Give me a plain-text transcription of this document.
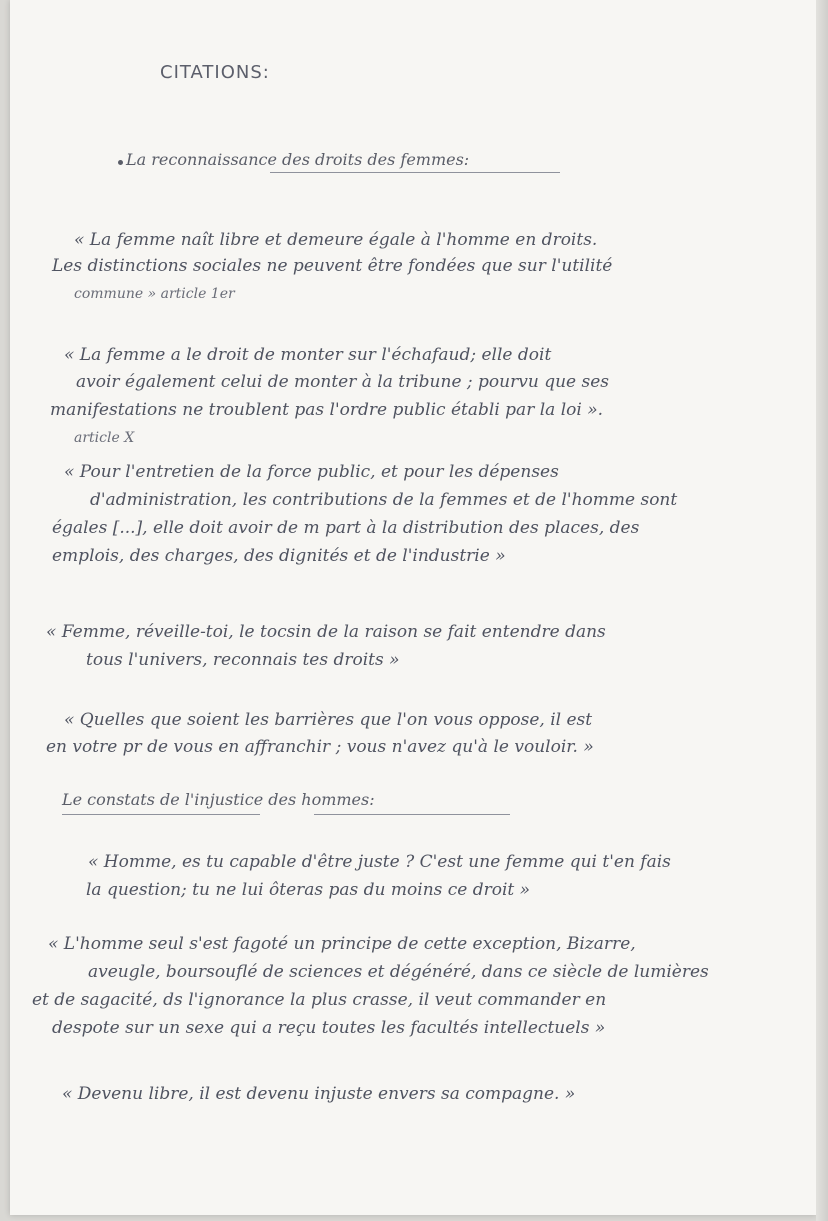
CITATIONS:
La reconnaissance des droits des femmes:
« La femme naît libre et demeure égale à l'homme en droits.
Les distinctions sociales ne peuvent être fondées que sur l'utilité
commune » article 1er
« La femme a le droit de monter sur l'échafaud; elle doit
avoir également celui de monter à la tribune ; pourvu que ses
manifestations ne troublent pas l'ordre public établi par la loi ».
article X
« Pour l'entretien de la force public, et pour les dépenses
d'administration, les contributions de la femmes et de l'homme sont
égales [...], elle doit avoir de m part à la distribution des places, des
emplois, des charges, des dignités et de l'industrie »
« Femme, réveille-toi, le tocsin de la raison se fait entendre dans
tous l'univers, reconnais tes droits »
« Quelles que soient les barrières que l'on vous oppose, il est
en votre pr de vous en affranchir ; vous n'avez qu'à le vouloir. »
Le constats de l'injustice des hommes:
« Homme, es tu capable d'être juste ? C'est une femme qui t'en fais
la question; tu ne lui ôteras pas du moins ce droit »
« L'homme seul s'est fagoté un principe de cette exception, Bizarre,
aveugle, boursouflé de sciences et dégénéré, dans ce siècle de lumières
et de sagacité, ds l'ignorance la plus crasse, il veut commander en
despote sur un sexe qui a reçu toutes les facultés intellectuels »
« Devenu libre, il est devenu injuste envers sa compagne. »
